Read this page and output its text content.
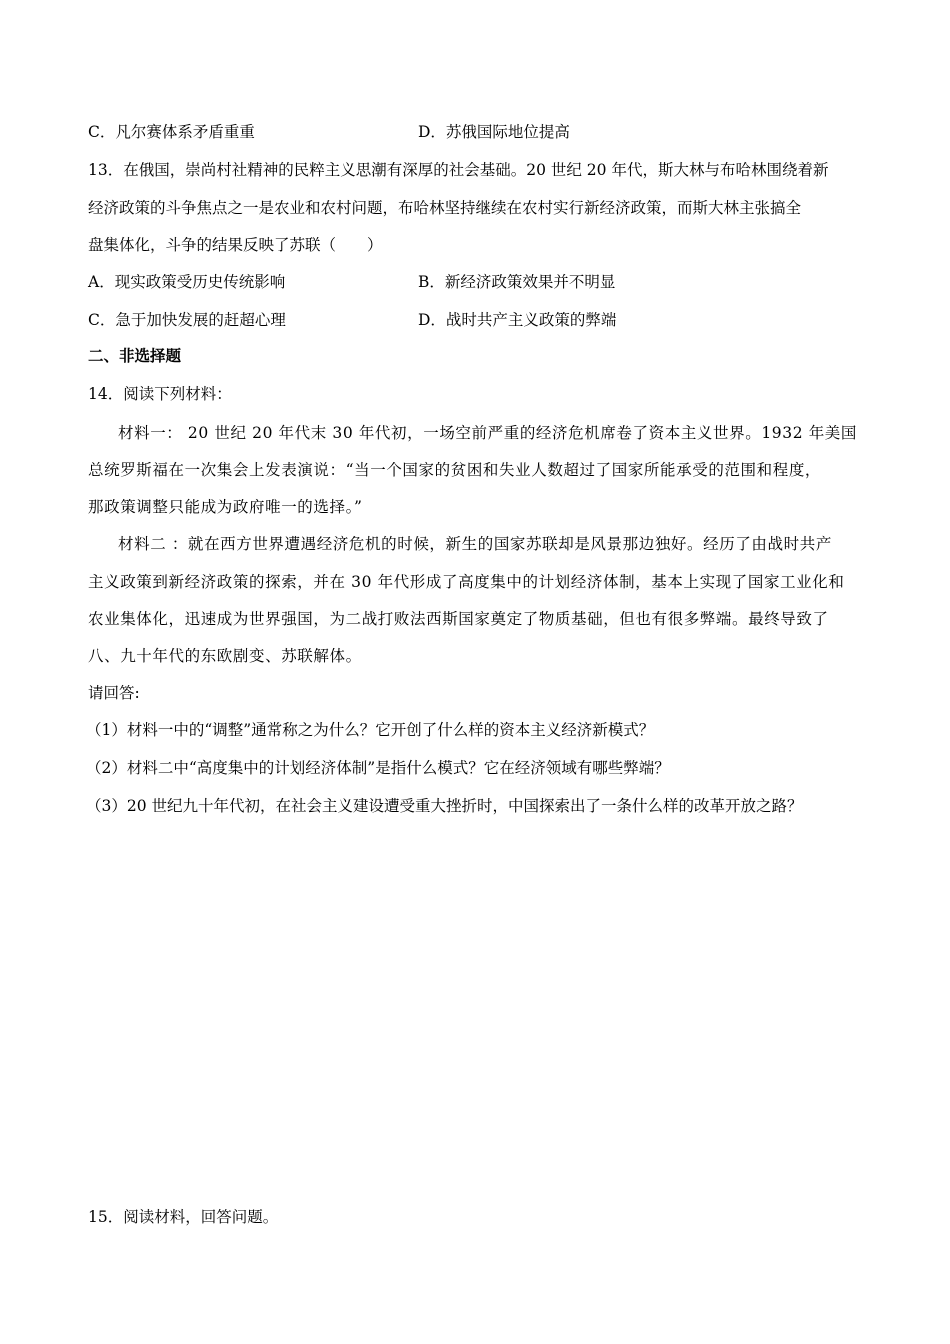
C．凡尔赛体系矛盾重重	D．苏俄国际地位提高
13．在俄国，崇尚村社精神的民粹主义思潮有深厚的社会基础。20 世纪 20 年代，斯大林与布哈林围绕着新
经济政策的斗争焦点之一是农业和农村问题，布哈林坚持继续在农村实行新经济政策，而斯大林主张搞全
盘集体化，斗争的结果反映了苏联（　　）
A．现实政策受历史传统影响	B．新经济政策效果并不明显
C．急于加快发展的赶超心理	D．战时共产主义政策的弊端
二、非选择题
14．阅读下列材料：
材料一： 20 世纪 20 年代末 30 年代初，一场空前严重的经济危机席卷了资本主义世界。1932 年美国
总统罗斯福在一次集会上发表演说：“当一个国家的贫困和失业人数超过了国家所能承受的范围和程度，
那政策调整只能成为政府唯一的选择。”
材料二 ：就在西方世界遭遇经济危机的时候，新生的国家苏联却是风景那边独好。经历了由战时共产
主义政策到新经济政策的探索，并在 30 年代形成了高度集中的计划经济体制，基本上实现了国家工业化和
农业集体化，迅速成为世界强国，为二战打败法西斯国家奠定了物质基础，但也有很多弊端。最终导致了
八、九十年代的东欧剧变、苏联解体。
请回答:
（1）材料一中的“调整”通常称之为什么？它开创了什么样的资本主义经济新模式？
（2）材料二中“高度集中的计划经济体制”是指什么模式？它在经济领域有哪些弊端？
（3）20 世纪九十年代初，在社会主义建设遭受重大挫折时，中国探索出了一条什么样的改革开放之路？
15．阅读材料，回答问题。
